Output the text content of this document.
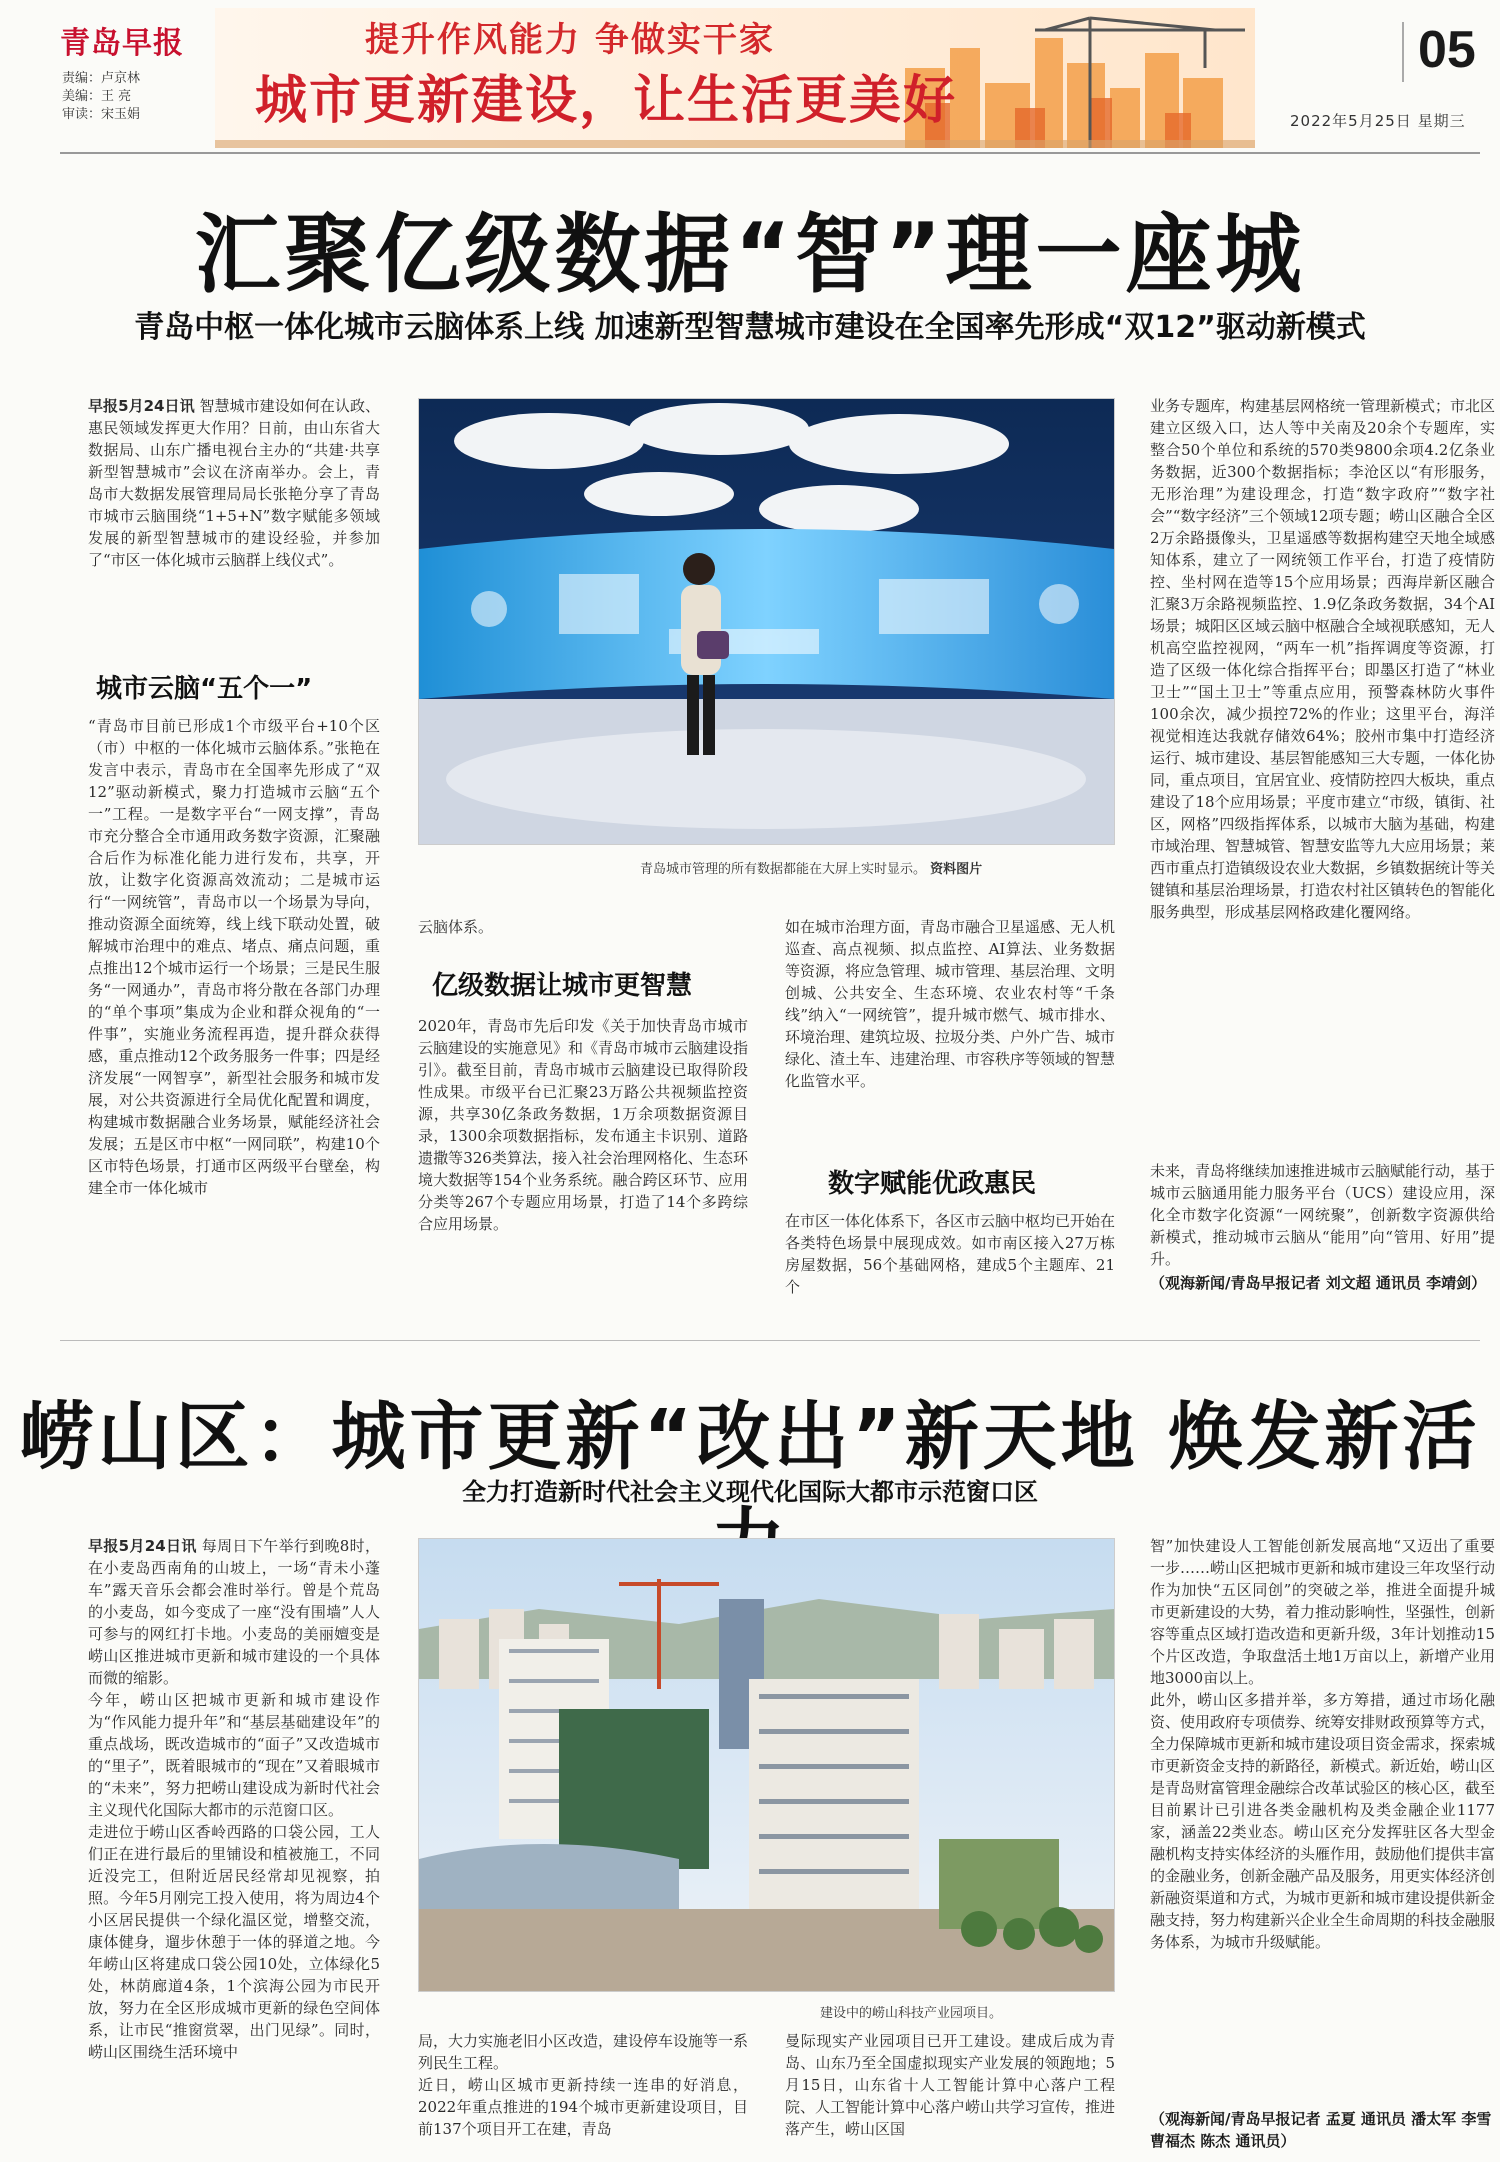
青岛早报
责编：卢京林
美编：王 亮
审读：宋玉娟
提升作风能力 争做实干家
城市更新建设，让生活更美好
05
2022年5月25日 星期三
汇聚亿级数据“智”理一座城
青岛中枢一体化城市云脑体系上线 加速新型智慧城市建设在全国率先形成“双12”驱动新模式
早报5月24日讯 智慧城市建设如何在认政、惠民领域发挥更大作用？日前，由山东省大数据局、山东广播电视台主办的“共建·共享新型智慧城市”会议在济南举办。会上，青岛市大数据发展管理局局长张艳分享了青岛市城市云脑围绕“1+5+N”数字赋能多领域发展的新型智慧城市的建设经验，并参加了“市区一体化城市云脑群上线仪式”。
城市云脑“五个一”
“青岛市目前已形成1个市级平台+10个区（市）中枢的一体化城市云脑体系。”张艳在发言中表示，青岛市在全国率先形成了“双12”驱动新模式，聚力打造城市云脑“五个一”工程。一是数字平台“一网支撑”，青岛市充分整合全市通用政务数字资源，汇聚融合后作为标准化能力进行发布，共享，开放，让数字化资源高效流动；二是城市运行“一网统管”，青岛市以一个场景为导向，推动资源全面统筹，线上线下联动处置，破解城市治理中的难点、堵点、痛点问题，重点推出12个城市运行一个场景；三是民生服务“一网通办”，青岛市将分散在各部门办理的“单个事项”集成为企业和群众视角的“一件事”，实施业务流程再造，提升群众获得感，重点推动12个政务服务一件事；四是经济发展“一网智享”，新型社会服务和城市发展，对公共资源进行全局优化配置和调度，构建城市数据融合业务场景，赋能经济社会发展；五是区市中枢“一网同联”，构建10个区市特色场景，打通市区两级平台壁垒，构建全市一体化城市
青岛城市管理的所有数据都能在大屏上实时显示。 资料图片
云脑体系。
亿级数据让城市更智慧
2020年，青岛市先后印发《关于加快青岛市城市云脑建设的实施意见》和《青岛市城市云脑建设指引》。截至目前，青岛市城市云脑建设已取得阶段性成果。市级平台已汇聚23万路公共视频监控资源，共享30亿条政务数据，1万余项数据资源目录，1300余项数据指标，发布通主卡识别、道路遗撒等326类算法，接入社会治理网格化、生态环境大数据等154个业务系统。融合跨区环节、应用分类等267个专题应用场景，打造了14个多跨综合应用场景。
如在城市治理方面，青岛市融合卫星遥感、无人机巡查、高点视频、拟点监控、AI算法、业务数据等资源，将应急管理、城市管理、基层治理、文明创城、公共安全、生态环境、农业农村等“千条线”纳入“一网统管”，提升城市燃气、城市排水、环境治理、建筑垃圾、拉圾分类、户外广告、城市绿化、渣土车、违建治理、市容秩序等领域的智慧化监管水平。
数字赋能优政惠民
在市区一体化体系下，各区市云脑中枢均已开始在各类特色场景中展现成效。如市南区接入27万栋房屋数据，56个基础网格，建成5个主题库、21个
业务专题库，构建基层网格统一管理新模式；市北区建立区级入口，达人等中关南及20余个专题库，实整合50个单位和系统的570类9800余项4.2亿条业务数据，近300个数据指标；李沧区以“有形服务，无形治理”为建设理念，打造“数字政府”“数字社会”“数字经济”三个领域12项专题；崂山区融合全区2万余路摄像头，卫星遥感等数据构建空天地全域感知体系，建立了一网统领工作平台，打造了疫情防控、坐村网在造等15个应用场景；西海岸新区融合汇聚3万余路视频监控、1.9亿条政务数据，34个AI场景；城阳区区域云脑中枢融合全域视联感知，无人机高空监控视网，“两车一机”指挥调度等资源，打造了区级一体化综合指挥平台；即墨区打造了“林业卫士”“国土卫士”等重点应用，预警森林防火事件100余次，减少损控72%的作业；这里平台，海洋视觉相连达我就存储效64%；胶州市集中打造经济运行、城市建设、基层智能感知三大专题，一体化协同，重点项目，宜居宜业、疫情防控四大板块，重点建设了18个应用场景；平度市建立“市级，镇街、社区，网格”四级指挥体系，以城市大脑为基础，构建市域治理、智慧城管、智慧安监等九大应用场景；莱西市重点打造镇级设农业大数据，乡镇数据统计等关键镇和基层治理场景，打造农村社区镇转色的智能化服务典型，形成基层网格政建化覆网络。
未来，青岛将继续加速推进城市云脑赋能行动，基于城市云脑通用能力服务平台（UCS）建设应用，深化全市数字化资源“一网统聚”，创新数字资源供给新模式，推动城市云脑从“能用”向“管用、好用”提升。
（观海新闻/青岛早报记者 刘文超 通讯员 李靖剑）
崂山区：城市更新“改出”新天地 焕发新活
全力打造新时代社会主义现代化国际大都市示范窗口区
早报5月24日讯 每周日下午举行到晚8时，在小麦岛西南角的山坡上，一场“青未小蓬车”露天音乐会都会准时举行。曾是个荒岛的小麦岛，如今变成了一座“没有围墙”人人可参与的网红打卡地。小麦岛的美丽嬗变是崂山区推进城市更新和城市建设的一个具体而微的缩影。
今年，崂山区把城市更新和城市建设作为“作风能力提升年”和“基层基础建设年”的重点战场，既改造城市的“面子”又改造城市的“里子”，既着眼城市的“现在”又着眼城市的“未来”，努力把崂山建设成为新时代社会主义现代化国际大都市的示范窗口区。
走进位于崂山区香岭西路的口袋公园，工人们正在进行最后的里铺设和植被施工，不同近没完工，但附近居民经常却见视察，拍照。今年5月刚完工投入使用，将为周边4个小区居民提供一个绿化温区觉，增整交流，康体健身，遛步休憩于一体的驿道之地。今年崂山区将建成口袋公园10处，立体绿化5处，林荫廊道4条，1个滨海公园为市民开放，努力在全区形成城市更新的绿色空间体系，让市民“推窗赏翠，出门见绿”。同时，崂山区围绕生活环境中
建设中的崂山科技产业园项目。
局，大力实施老旧小区改造，建设停车设施等一系列民生工程。
近日，崂山区城市更新持续一连串的好消息，2022年重点推进的194个城市更新建设项目，目前137个项目开工在建，青岛
曼际现实产业园项目已开工建设。建成后成为青岛、山东乃至全国虚拟现实产业发展的领跑地；5月15日，山东省十人工智能计算中心落户工程院、人工智能计算中心落户崂山共学习宣传，推进落产生，崂山区国
智”加快建设人工智能创新发展高地“又迈出了重要一步……崂山区把城市更新和城市建设三年攻坚行动作为加快“五区同创”的突破之举，推进全面提升城市更新建设的大势，着力推动影响性，坚强性，创新容等重点区域打造改造和更新升级，3年计划推动15个片区改造，争取盘活土地1万亩以上，新增产业用地3000亩以上。
此外，崂山区多措并举，多方筹措，通过市场化融资、使用政府专项债券、统筹安排财政预算等方式，全力保障城市更新和城市建设项目资金需求，探索城市更新资金支持的新路径，新模式。新近始，崂山区是青岛财富管理金融综合改革试验区的核心区，截至目前累计已引进各类金融机构及类金融企业1177家，涵盖22类业态。崂山区充分发挥驻区各大型金融机构支持实体经济的头雁作用，鼓励他们提供丰富的金融业务，创新金融产品及服务，用更实体经济创新融资渠道和方式，为城市更新和城市建设提供新金融支持，努力构建新兴企业全生命周期的科技金融服务体系，为城市升级赋能。
（观海新闻/青岛早报记者 孟夏 通讯员 潘太军 李雪 曹福杰 陈杰 通讯员）
